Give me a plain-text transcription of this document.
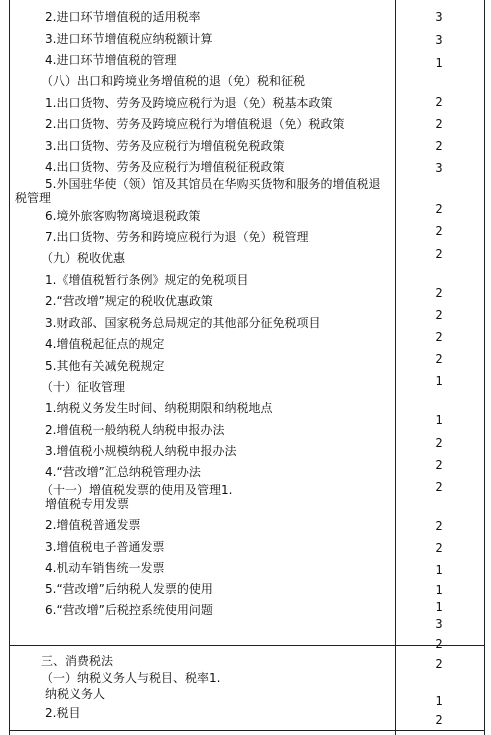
2.进口环节增值税的适用税率
3.进口环节增值税应纳税额计算
4.进口环节增值税的管理
（八）出口和跨境业务增值税的退（免）税和征税
1.出口货物、劳务及跨境应税行为退（免）税基本政策
2.出口货物、劳务及跨境应税行为增值税退（免）税政策
3.出口货物、劳务及应税行为增值税免税政策
4.出口货物、劳务及应税行为增值税征税政策
5.外国驻华使（领）馆及其馆员在华购买货物和服务的增值税退
税管理
6.境外旅客购物离境退税政策
7.出口货物、劳务和跨境应税行为退（免）税管理
（九）税收优惠
1.《增值税暂行条例》规定的免税项目
2.“营改增”规定的税收优惠政策
3.财政部、国家税务总局规定的其他部分征免税项目
4.增值税起征点的规定
5.其他有关减免税规定
（十）征收管理
1.纳税义务发生时间、纳税期限和纳税地点
2.增值税一般纳税人纳税申报办法
3.增值税小规模纳税人纳税申报办法
4.“营改增”汇总纳税管理办法
（十一）增值税发票的使用及管理1.
增值税专用发票
2.增值税普通发票
3.增值税电子普通发票
4.机动车销售统一发票
5.“营改增”后纳税人发票的使用
6.“营改增”后税控系统使用问题
3
3
1
2
2
2
3
2
2
2
2
2
2
2
1
1
2
2
2
2
2
1
1
1
3
2
2
三、消费税法
（一）纳税义务人与税目、税率1.
纳税义务人
2.税目
1
2
